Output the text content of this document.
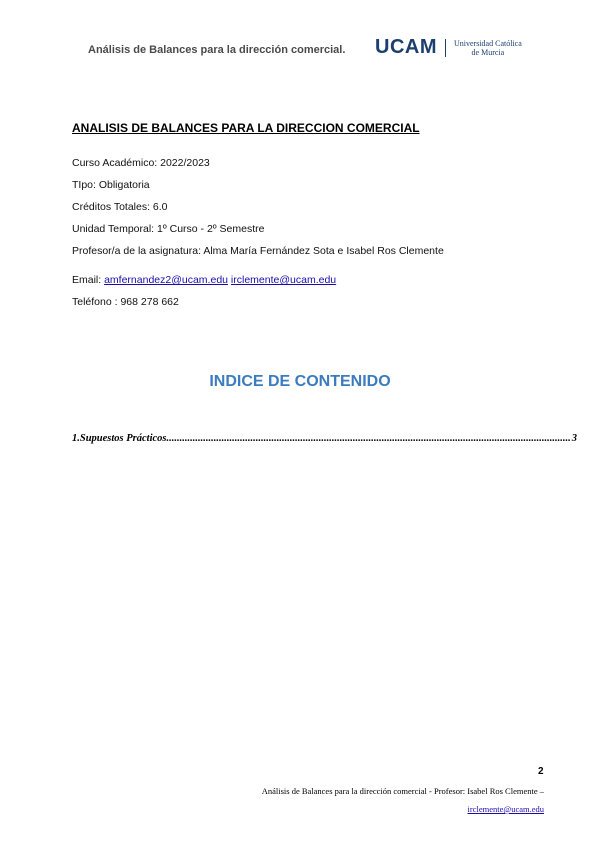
Análisis de Balances para la dirección comercial. UCAM Universidad Católica
de Murcia
ANALISIS DE BALANCES PARA LA DIRECCION COMERCIAL
Curso Académico: 2022/2023
TIpo: Obligatoria
Créditos Totales: 6.0
Unidad Temporal: 1º Curso - 2º Semestre
Profesor/a de la asignatura: Alma María Fernández Sota e Isabel Ros Clemente
Email: amfernandez2@ucam.edu irclemente@ucam.edu
Teléfono : 968 278 662
INDICE DE CONTENIDO
1. Supuestos Prácticos .......................................................................................................................................................... 3
2
Análisis de Balances para la dirección comercial - Profesor: Isabel Ros Clemente –
irclemente@ucam.edu
